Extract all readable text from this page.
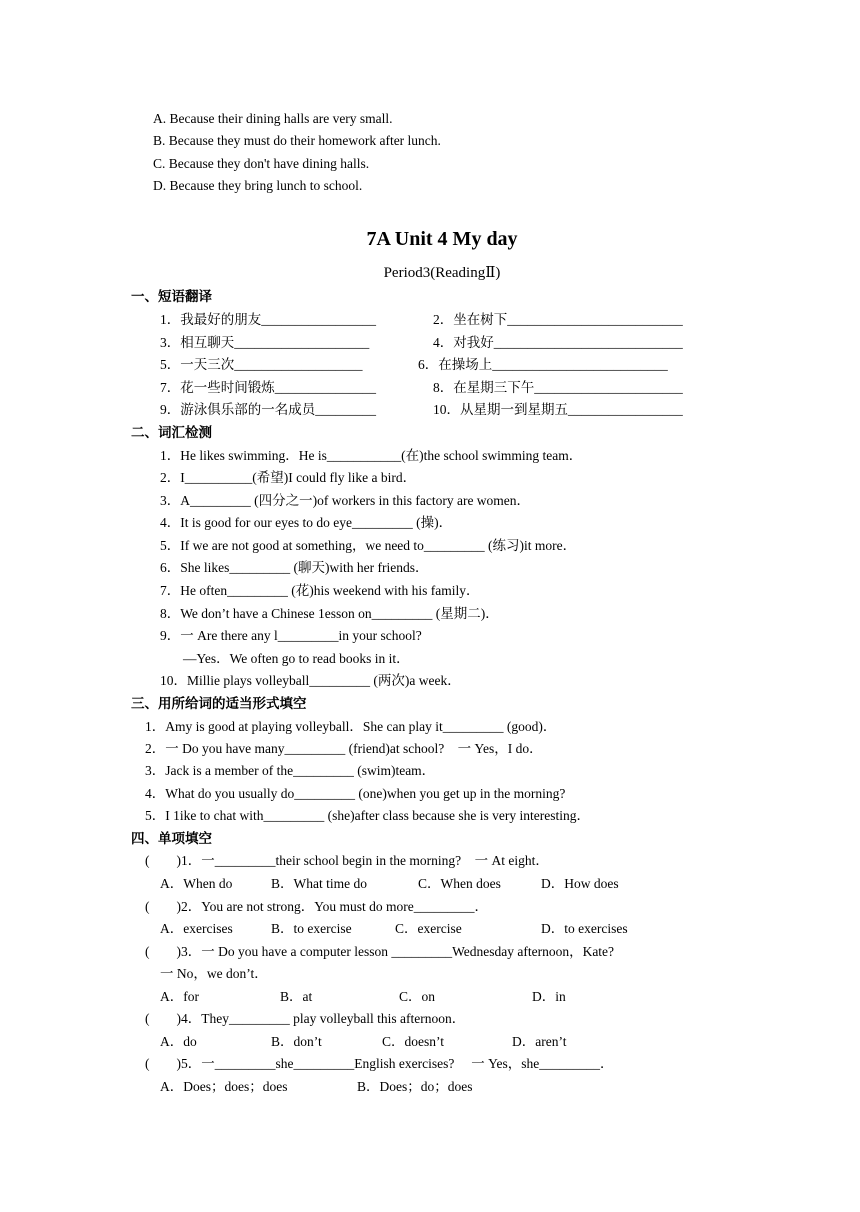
A. Because their dining halls are very small.
B. Because they must do their homework after lunch.
C. Because they don't have dining halls.
D. Because they bring lunch to school.
7A Unit 4 My day
Period3(ReadingⅡ)
一、短语翻译
1．我最好的朋友_________________	2．坐在树下__________________________
3．相互聊天____________________	4．对我好____________________________
5．一天三次___________________	6．在操场上__________________________
7．花一些时间锻炼_______________	8．在星期三下午______________________
9．游泳俱乐部的一名成员_________	10．从星期一到星期五_________________
二、词汇检测
1．He likes swimming．He is___________(在)the school swimming team．
2．I__________(希望)I could fly like a bird．
3．A_________ (四分之一)of workers in this factory are women．
4．It is good for our eyes to do eye_________ (操)．
5．If we are not good at something，we need to_________ (练习)it more．
6．She likes_________ (聊天)with her friends．
7．He often_________ (花)his weekend with his family．
8．We don’t have a Chinese 1esson on_________ (星期二)．
9．一 Are there any l_________in your school?
—Yes．We often go to read books in it．
10．Millie plays volleyball_________ (两次)a week．
三、用所给词的适当形式填空
1．Amy is good at playing volleyball．She can play it_________ (good)．
2．一 Do you have many_________ (friend)at school?    一 Yes，I do．
3．Jack is a member of the_________ (swim)team．
4．What do you usually do_________ (one)when you get up in the morning?
5．I 1ike to chat with_________ (she)after class because she is very interesting．
四、单项填空
(        )1．一_________their school begin in the morning?    一 At eight．
A．When do	B．What time do	C．When does	D．How does
(        )2．You are not strong．You must do more_________．
A．exercises	B．to exercise	C．exercise	D．to exercises
(        )3．一 Do you have a computer lesson _________Wednesday afternoon，Kate?
一 No，we don’t．
A．for	B．at	C．on	D．in
(        )4．They_________ play volleyball this afternoon．
A．do	B．don’t	C．doesn’t	D．aren’t
(        )5．一_________she_________English exercises?     一 Yes，she_________．
A．Does；does；does	B．Does；do；does
